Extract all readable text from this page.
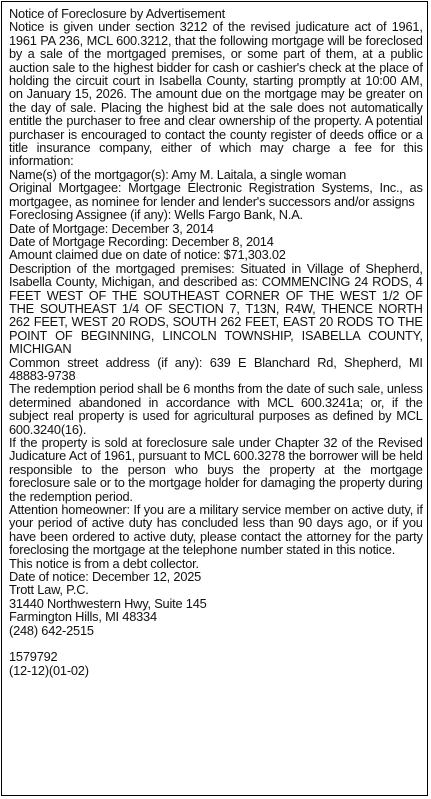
Notice of Foreclosure by Advertisement

Notice is given under section 3212 of the revised judicature act of 1961, 1961 PA 236, MCL 600.3212, that the following mortgage will be foreclosed by a sale of the mortgaged premises, or some part of them, at a public auction sale to the highest bidder for cash or cashier's check at the place of holding the circuit court in Isabella County, starting promptly at 10:00 AM, on January 15, 2026. The amount due on the mortgage may be greater on the day of sale. Placing the highest bid at the sale does not automatically entitle the purchaser to free and clear ownership of the property. A potential purchaser is encouraged to contact the county register of deeds office or a title insurance company, either of which may charge a fee for this information:

Name(s) of the mortgagor(s): Amy M. Laitala, a single woman

Original Mortgagee: Mortgage Electronic Registration Systems, Inc., as mortgagee, as nominee for lender and lender's successors and/or assigns

Foreclosing Assignee (if any): Wells Fargo Bank, N.A.

Date of Mortgage: December 3, 2014

Date of Mortgage Recording: December 8, 2014

Amount claimed due on date of notice: $71,303.02

Description of the mortgaged premises: Situated in Village of Shepherd, Isabella County, Michigan, and described as: COMMENCING 24 RODS, 4 FEET WEST OF THE SOUTHEAST CORNER OF THE WEST 1/2 OF THE SOUTHEAST 1/4 OF SECTION 7, T13N, R4W, THENCE NORTH 262 FEET, WEST 20 RODS, SOUTH 262 FEET, EAST 20 RODS TO THE POINT OF BEGINNING, LINCOLN TOWNSHIP, ISABELLA COUNTY, MICHIGAN

Common street address (if any): 639 E Blanchard Rd, Shepherd, MI 48883-9738

The redemption period shall be 6 months from the date of such sale, unless determined abandoned in accordance with MCL 600.3241a; or, if the subject real property is used for agricultural purposes as defined by MCL 600.3240(16).

If the property is sold at foreclosure sale under Chapter 32 of the Revised Judicature Act of 1961, pursuant to MCL 600.3278 the borrower will be held responsible to the person who buys the property at the mortgage foreclosure sale or to the mortgage holder for damaging the property during the redemption period.

Attention homeowner: If you are a military service member on active duty, if your period of active duty has concluded less than 90 days ago, or if you have been ordered to active duty, please contact the attorney for the party foreclosing the mortgage at the telephone number stated in this notice.

This notice is from a debt collector.

Date of notice: December 12, 2025

Trott Law, P.C.

31440 Northwestern Hwy, Suite 145

Farmington Hills, MI 48334

(248) 642-2515

1579792

(12-12)(01-02)
